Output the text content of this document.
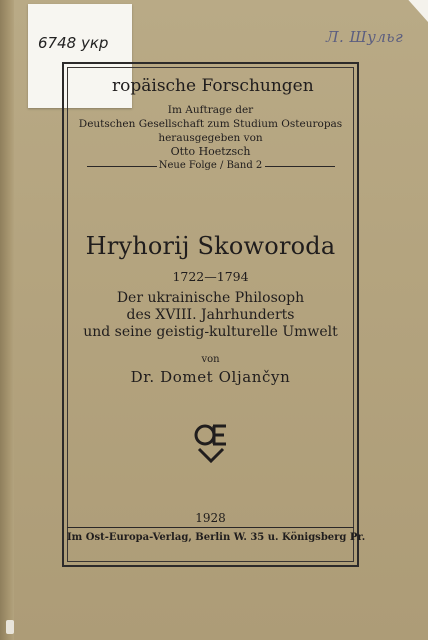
6748 укр	Л. Шульг
ropäische Forschungen
Im Auftrage der
Deutschen Gesellschaft zum Studium Osteuropas
herausgegeben von
Otto Hoetzsch
Neue Folge / Band 2
Hryhorij Skoworoda
1722—1794
Der ukrainische Philosoph
des XVIII. Jahrhunderts
und seine geistig-kulturelle Umwelt
von
Dr. Domet Oljančyn
1928
Im Ost-Europa-Verlag, Berlin W. 35 u. Königsberg Pr.
